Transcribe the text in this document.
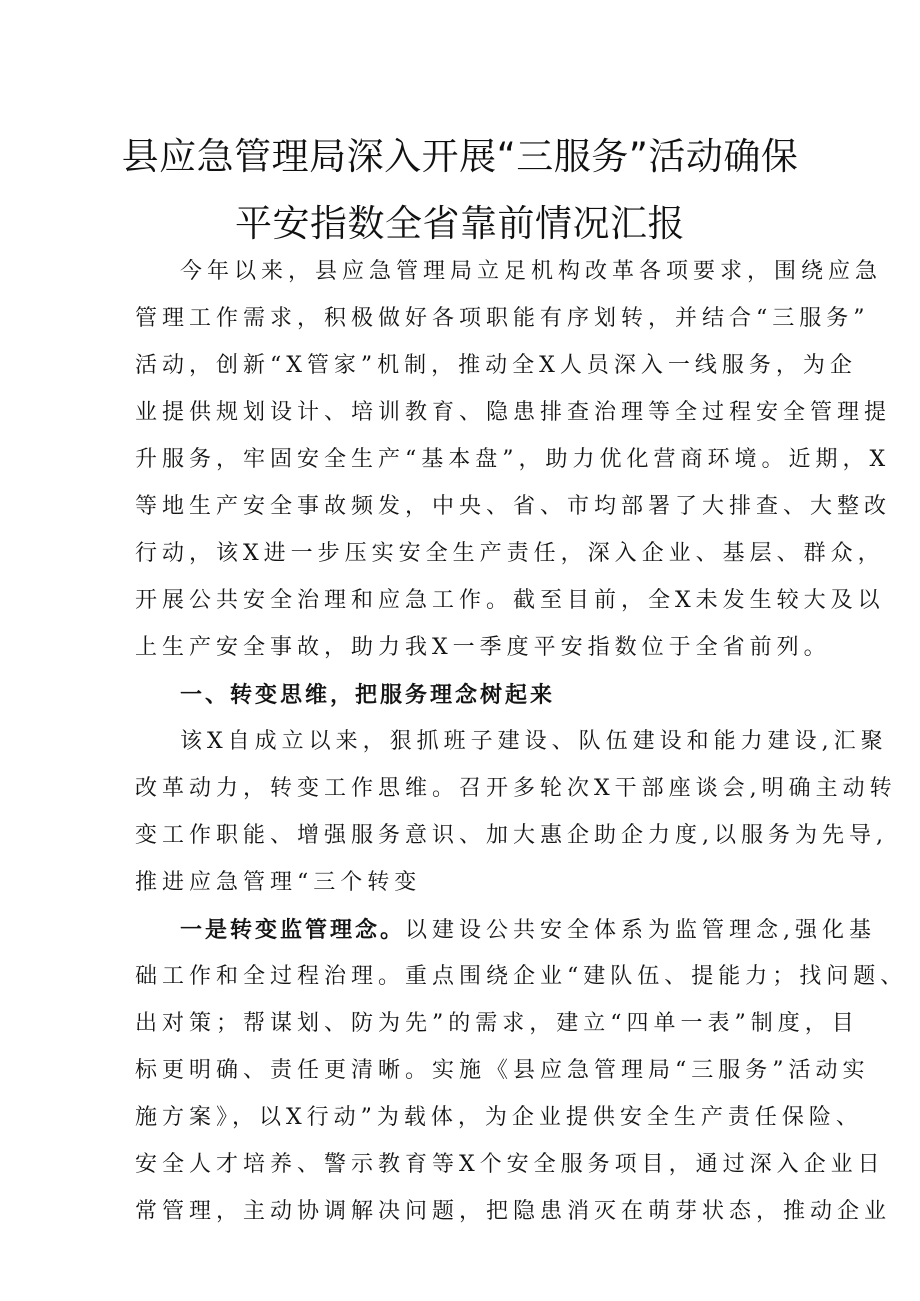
县应急管理局深入开展“三服务”活动确保
平安指数全省靠前情况汇报
今年以来，县应急管理局立足机构改革各项要求，围绕应急
管理工作需求，积极做好各项职能有序划转，并结合“三服务”
活动，创新“X管家”机制，推动全X人员深入一线服务，为企
业提供规划设计、培训教育、隐患排查治理等全过程安全管理提
升服务，牢固安全生产“基本盘”，助力优化营商环境。近期，X
等地生产安全事故频发，中央、省、市均部署了大排查、大整改
行动，该X进一步压实安全生产责任，深入企业、基层、群众，
开展公共安全治理和应急工作。截至目前，全X未发生较大及以
上生产安全事故，助力我X一季度平安指数位于全省前列。
一、转变思维，把服务理念树起来
该X自成立以来，狠抓班子建设、队伍建设和能力建设,汇聚
改革动力，转变工作思维。召开多轮次X干部座谈会,明确主动转
变工作职能、增强服务意识、加大惠企助企力度,以服务为先导,
推进应急管理“三个转变
一是转变监管理念。以建设公共安全体系为监管理念,强化基
础工作和全过程治理。重点围绕企业“建队伍、提能力；找问题、
出对策；帮谋划、防为先”的需求，建立“四单一表”制度，目
标更明确、责任更清晰。实施《县应急管理局“三服务”活动实
施方案》，以X行动”为载体，为企业提供安全生产责任保险、
安全人才培养、警示教育等X个安全服务项目，通过深入企业日
常管理，主动协调解决问题，把隐患消灭在萌芽状态，推动企业
